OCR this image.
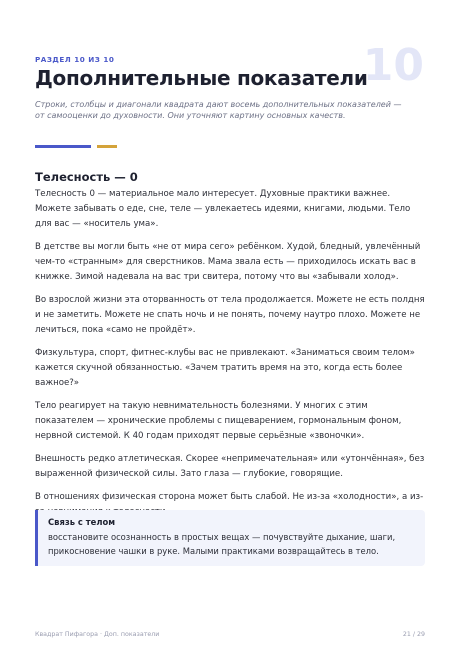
РАЗДЕЛ 10 ИЗ 10	10
Дополнительные показатели

Строки, столбцы и диагонали квадрата дают восемь дополнительных показателей — от самооценки до духовности. Они уточняют картину основных качеств.

Телесность — 0

Телесность 0 — материальное мало интересует. Духовные практики важнее. Можете забывать о еде, сне, теле — увлекаетесь идеями, книгами, людьми. Тело для вас — «носитель ума».

В детстве вы могли быть «не от мира сего» ребёнком. Худой, бледный, увлечённый чем-то «странным» для сверстников. Мама звала есть — приходилось искать вас в книжке. Зимой надевала на вас три свитера, потому что вы «забывали холод».

Во взрослой жизни эта оторванность от тела продолжается. Можете не есть полдня и не заметить. Можете не спать ночь и не понять, почему наутро плохо. Можете не лечиться, пока «само не пройдёт».

Физкультура, спорт, фитнес-клубы вас не привлекают. «Заниматься своим телом» кажется скучной обязанностью. «Зачем тратить время на это, когда есть более важное?»

Тело реагирует на такую невнимательность болезнями. У многих с этим показателем — хронические проблемы с пищеварением, гормональным фоном, нервной системой. К 40 годам приходят первые серьёзные «звоночки».

Внешность редко атлетическая. Скорее «непримечательная» или «утончённая», без выраженной физической силы. Зато глаза — глубокие, говорящие.

В отношениях физическая сторона может быть слабой. Не из-за «холодности», а из-

Связь с телом
восстановите осознанность в простых вещах — почувствуйте дыхание, шаги, прикосновение чашки в руке. Малыми практиками возвращайтесь в тело.
Квадрат Пифагора · Доп. показатели	21 / 29
